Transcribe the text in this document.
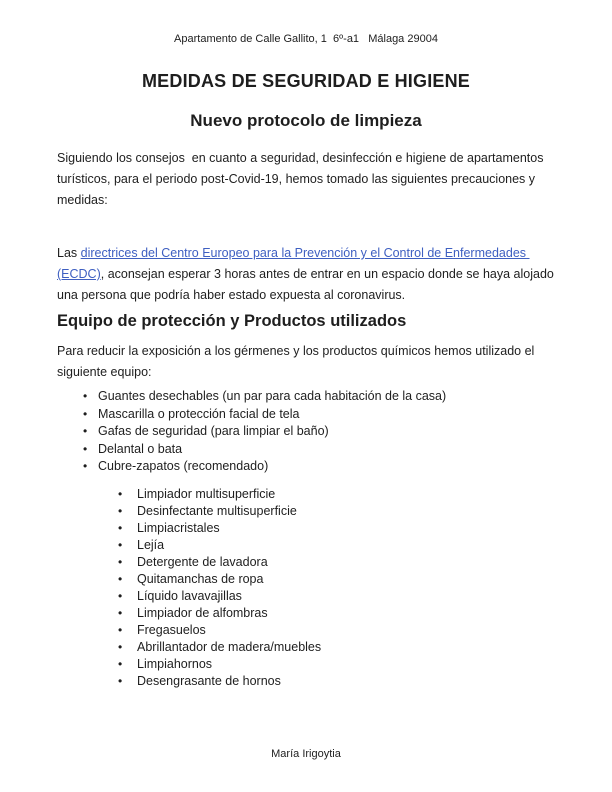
Apartamento de Calle Gallito, 1  6º-a1   Málaga 29004
MEDIDAS DE SEGURIDAD E HIGIENE
Nuevo protocolo de limpieza

Siguiendo los consejos  en cuanto a seguridad, desinfección e higiene de apartamentos turísticos, para el periodo post-Covid-19, hemos tomado las siguientes precauciones y medidas:

Las directrices del Centro Europeo para la Prevención y el Control de Enfermedades (ECDC), aconsejan esperar 3 horas antes de entrar en un espacio donde se haya alojado una persona que podría haber estado expuesta al coronavirus.

Equipo de protección y Productos utilizados

Para reducir la exposición a los gérmenes y los productos químicos hemos utilizado el siguiente equipo:

• Guantes desechables (un par para cada habitación de la casa)
• Mascarilla o protección facial de tela
• Gafas de seguridad (para limpiar el baño)
• Delantal o bata
• Cubre-zapatos (recomendado)
• Limpiador multisuperficie
• Desinfectante multisuperficie
• Limpiacristales
• Lejía
• Detergente de lavadora
• Quitamanchas de ropa
• Líquido lavavajillas
• Limpiador de alfombras
• Fregasuelos
• Abrillantador de madera/muebles
• Limpiahornos
• Desengrasante de hornos
María Irigoytia
